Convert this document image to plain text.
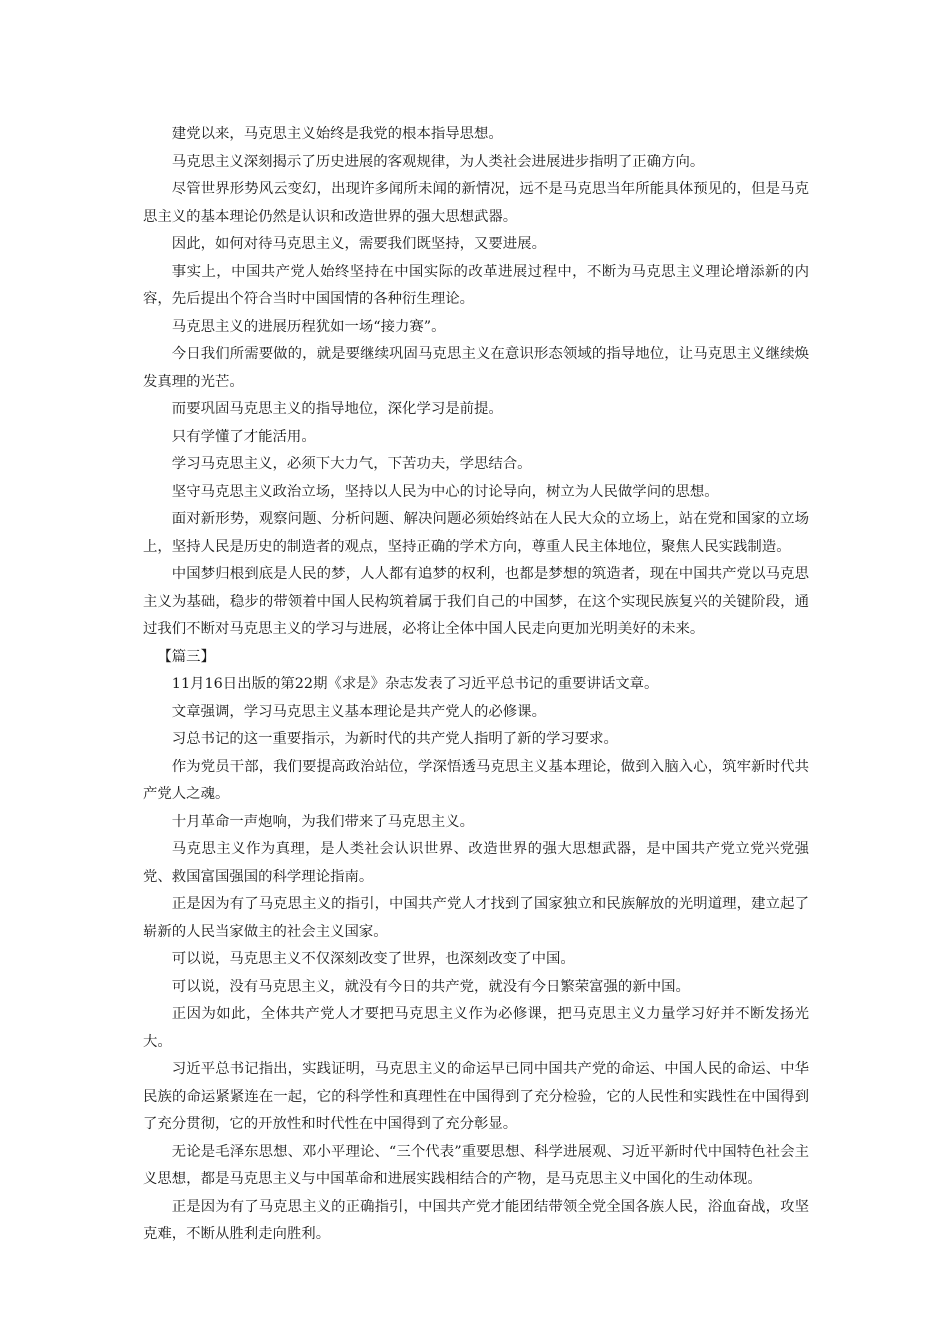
建党以来，马克思主义始终是我党的根本指导思想。

马克思主义深刻揭示了历史进展的客观规律，为人类社会进展进步指明了正确方向。

尽管世界形势风云变幻，出现许多闻所未闻的新情况，远不是马克思当年所能具体预见的，但是马克思主义的基本理论仍然是认识和改造世界的强大思想武器。

因此，如何对待马克思主义，需要我们既坚持，又要进展。

事实上，中国共产党人始终坚持在中国实际的改革进展过程中，不断为马克思主义理论增添新的内容，先后提出个符合当时中国国情的各种衍生理论。

马克思主义的进展历程犹如一场“接力赛”。

今日我们所需要做的，就是要继续巩固马克思主义在意识形态领域的指导地位，让马克思主义继续焕发真理的光芒。

而要巩固马克思主义的指导地位，深化学习是前提。

只有学懂了才能活用。

学习马克思主义，必须下大力气，下苦功夫，学思结合。

坚守马克思主义政治立场，坚持以人民为中心的讨论导向，树立为人民做学问的思想。

面对新形势，观察问题、分析问题、解决问题必须始终站在人民大众的立场上，站在党和国家的立场上，坚持人民是历史的制造者的观点，坚持正确的学术方向，尊重人民主体地位，聚焦人民实践制造。

中国梦归根到底是人民的梦，人人都有追梦的权利，也都是梦想的筑造者，现在中国共产党以马克思主义为基础，稳步的带领着中国人民构筑着属于我们自己的中国梦，在这个实现民族复兴的关键阶段，通过我们不断对马克思主义的学习与进展，必将让全体中国人民走向更加光明美好的未来。

【篇三】

11月16日出版的第22期《求是》杂志发表了习近平总书记的重要讲话文章。

文章强调，学习马克思主义基本理论是共产党人的必修课。

习总书记的这一重要指示，为新时代的共产党人指明了新的学习要求。

作为党员干部，我们要提高政治站位，学深悟透马克思主义基本理论，做到入脑入心，筑牢新时代共产党人之魂。

十月革命一声炮响，为我们带来了马克思主义。

马克思主义作为真理，是人类社会认识世界、改造世界的强大思想武器，是中国共产党立党兴党强党、救国富国强国的科学理论指南。

正是因为有了马克思主义的指引，中国共产党人才找到了国家独立和民族解放的光明道理，建立起了崭新的人民当家做主的社会主义国家。

可以说，马克思主义不仅深刻改变了世界，也深刻改变了中国。

可以说，没有马克思主义，就没有今日的共产党，就没有今日繁荣富强的新中国。

正因为如此，全体共产党人才要把马克思主义作为必修课，把马克思主义力量学习好并不断发扬光大。

习近平总书记指出，实践证明，马克思主义的命运早已同中国共产党的命运、中国人民的命运、中华民族的命运紧紧连在一起，它的科学性和真理性在中国得到了充分检验，它的人民性和实践性在中国得到了充分贯彻，它的开放性和时代性在中国得到了充分彰显。

无论是毛泽东思想、邓小平理论、“三个代表”重要思想、科学进展观、习近平新时代中国特色社会主义思想，都是马克思主义与中国革命和进展实践相结合的产物，是马克思主义中国化的生动体现。

正是因为有了马克思主义的正确指引，中国共产党才能团结带领全党全国各族人民，浴血奋战，攻坚克难，不断从胜利走向胜利。
